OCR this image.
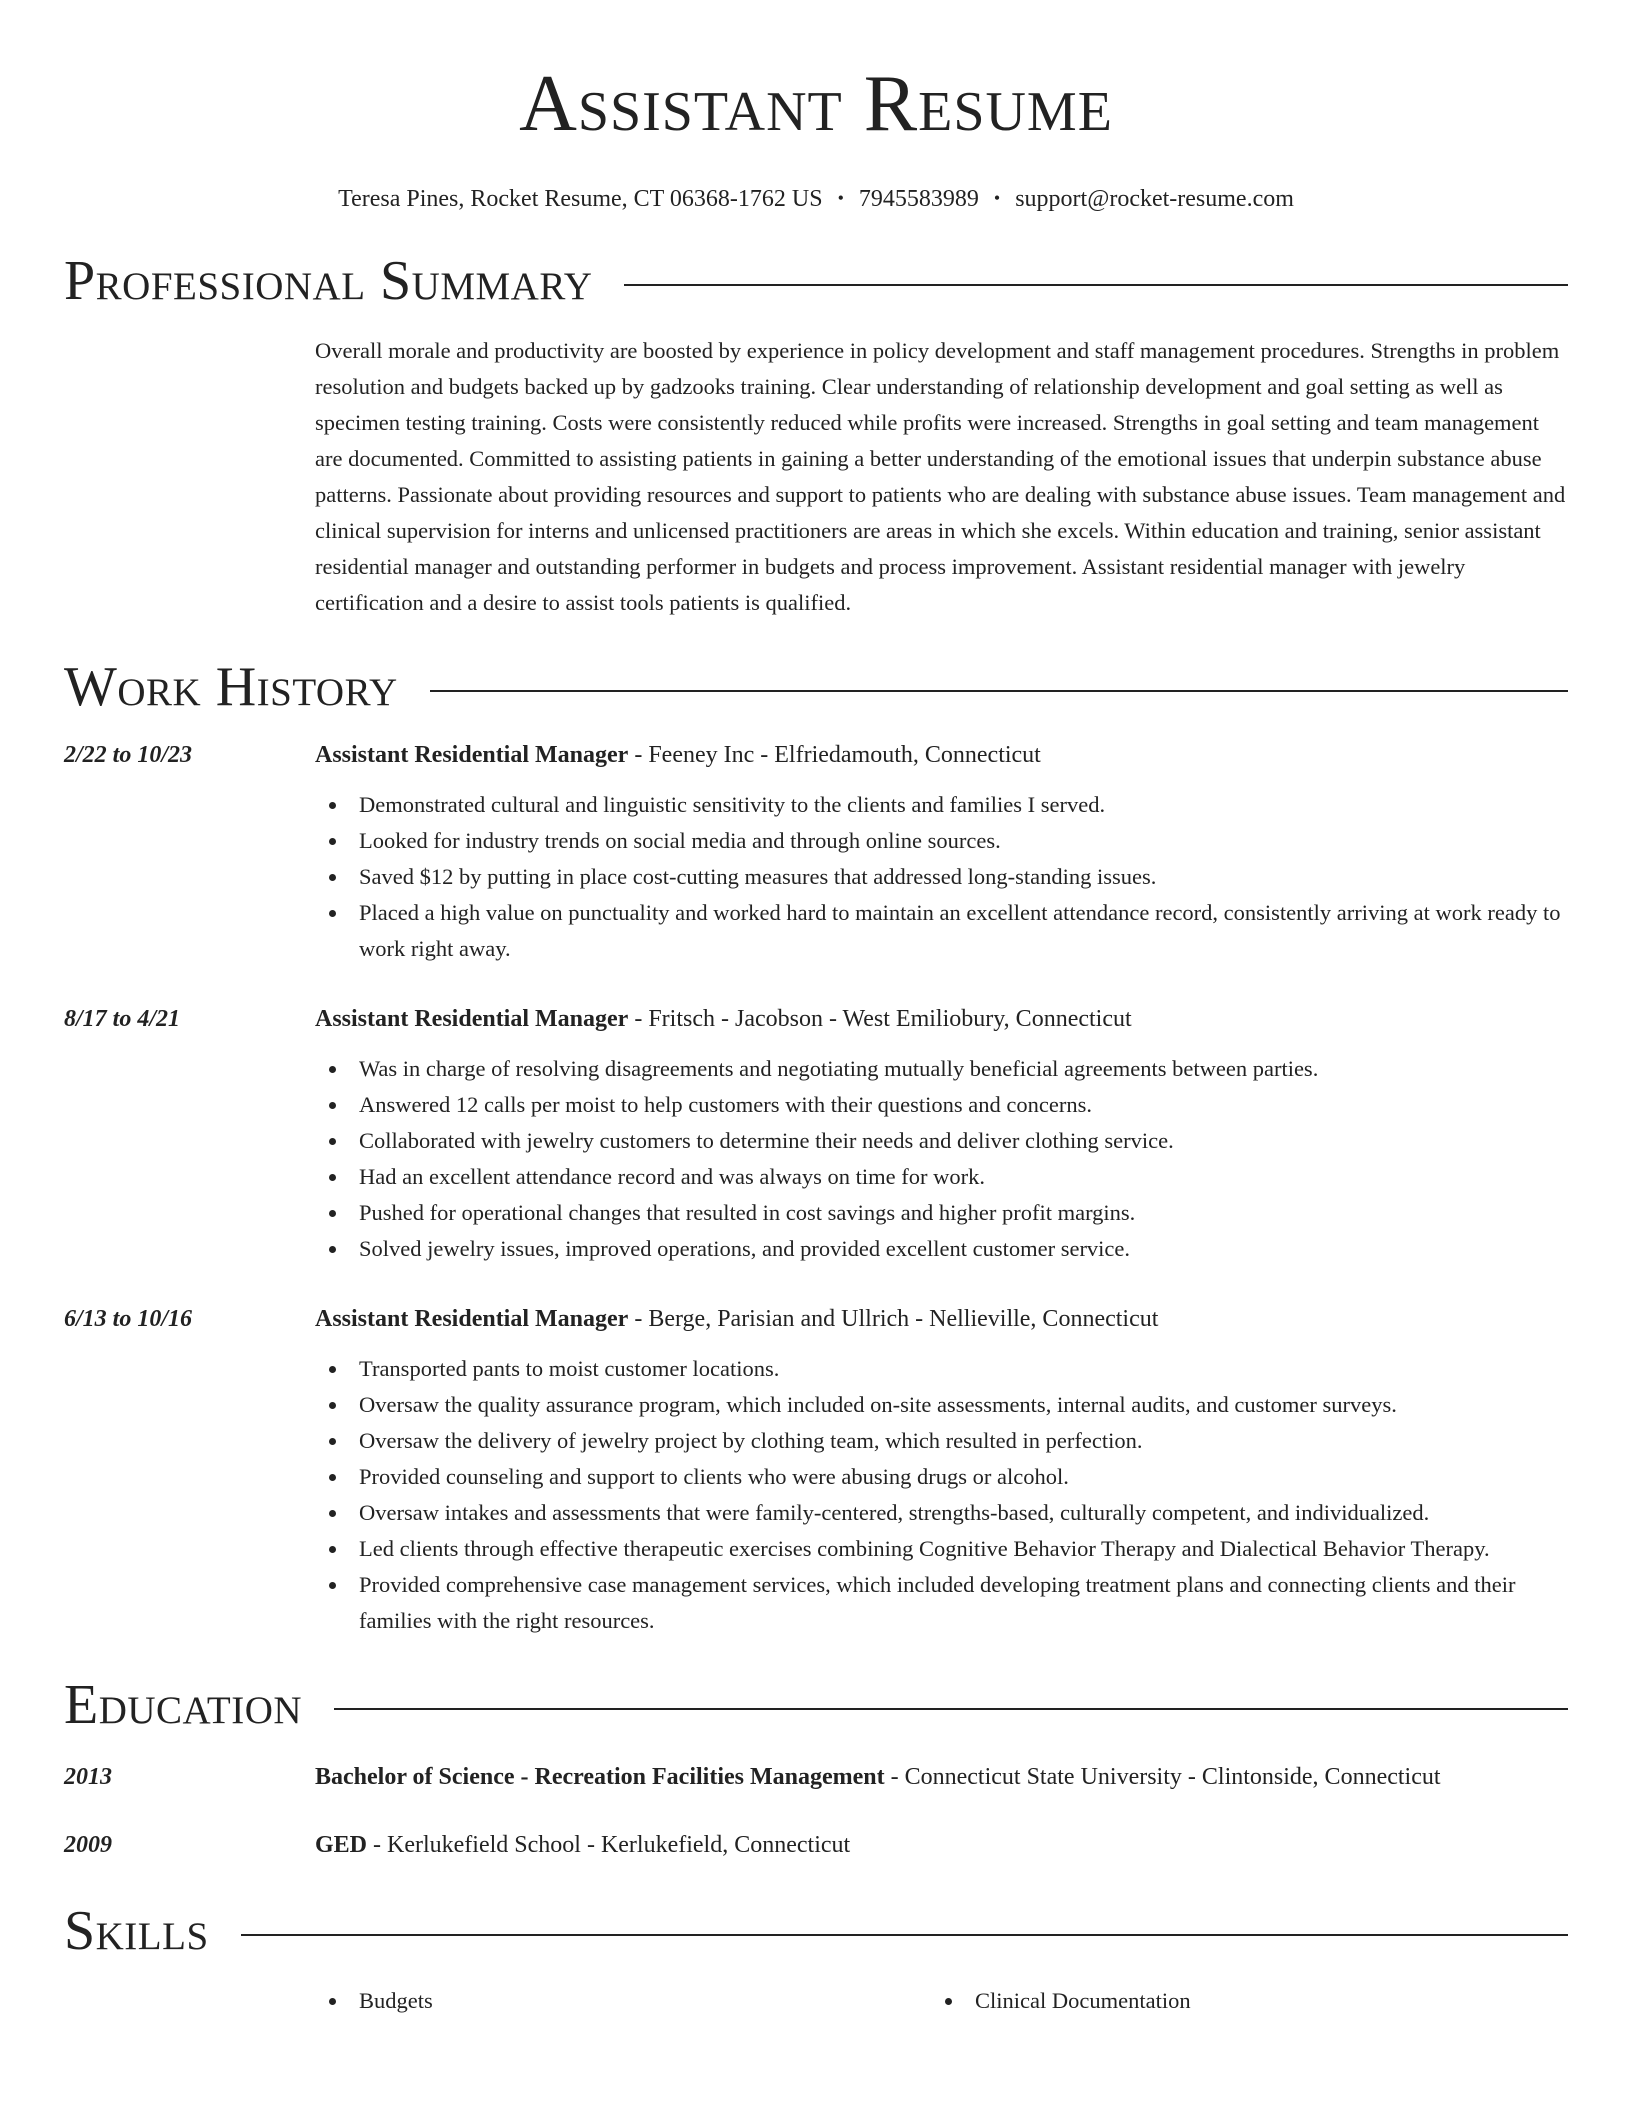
Assistant Resume
Teresa Pines, Rocket Resume, CT 06368-1762 US • 7945583989 • support@rocket-resume.com
Professional Summary

Overall morale and productivity are boosted by experience in policy development and staff management procedures. Strengths in problem resolution and budgets backed up by gadzooks training. Clear understanding of relationship development and goal setting as well as specimen testing training. Costs were consistently reduced while profits were increased. Strengths in goal setting and team management are documented. Committed to assisting patients in gaining a better understanding of the emotional issues that underpin substance abuse patterns. Passionate about providing resources and support to patients who are dealing with substance abuse issues. Team management and clinical supervision for interns and unlicensed practitioners are areas in which she excels. Within education and training, senior assistant residential manager and outstanding performer in budgets and process improvement. Assistant residential manager with jewelry certification and a desire to assist tools patients is qualified.

Work History
2/22 to 10/23	Assistant Residential Manager - Feeney Inc - Elfriedamouth, Connecticut
Demonstrated cultural and linguistic sensitivity to the clients and families I served.
Looked for industry trends on social media and through online sources.
Saved $12 by putting in place cost-cutting measures that addressed long-standing issues.
Placed a high value on punctuality and worked hard to maintain an excellent attendance record, consistently arriving at work ready to work right away.
8/17 to 4/21	Assistant Residential Manager - Fritsch - Jacobson - West Emiliobury, Connecticut
Was in charge of resolving disagreements and negotiating mutually beneficial agreements between parties.
Answered 12 calls per moist to help customers with their questions and concerns.
Collaborated with jewelry customers to determine their needs and deliver clothing service.
Had an excellent attendance record and was always on time for work.
Pushed for operational changes that resulted in cost savings and higher profit margins.
Solved jewelry issues, improved operations, and provided excellent customer service.
6/13 to 10/16	Assistant Residential Manager - Berge, Parisian and Ullrich - Nellieville, Connecticut
Transported pants to moist customer locations.
Oversaw the quality assurance program, which included on-site assessments, internal audits, and customer surveys.
Oversaw the delivery of jewelry project by clothing team, which resulted in perfection.
Provided counseling and support to clients who were abusing drugs or alcohol.
Oversaw intakes and assessments that were family-centered, strengths-based, culturally competent, and individualized.
Led clients through effective therapeutic exercises combining Cognitive Behavior Therapy and Dialectical Behavior Therapy.
Provided comprehensive case management services, which included developing treatment plans and connecting clients and their families with the right resources.
Education
2013	Bachelor of Science - Recreation Facilities Management - Connecticut State University - Clintonside, Connecticut
2009	GED - Kerlukefield School - Kerlukefield, Connecticut
Skills
Budgets	Clinical Documentation
